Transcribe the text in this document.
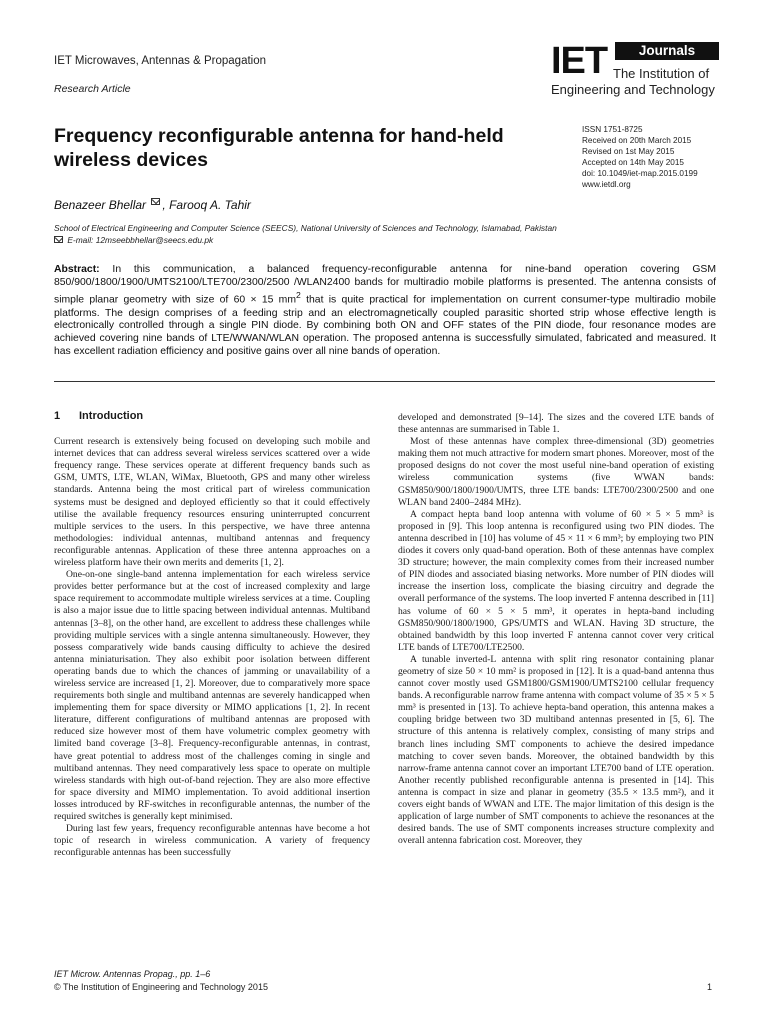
IET Microwaves, Antennas & Propagation
Research Article
IET	Journals
The Institution of
Engineering and Technology
Frequency reconfigurable antenna for hand-held wireless devices
ISSN 1751-8725
Received on 20th March 2015
Revised on 1st May 2015
Accepted on 14th May 2015
doi: 10.1049/iet-map.2015.0199
www.ietdl.org
Benazeer Bhellar , Farooq A. Tahir
School of Electrical Engineering and Computer Science (SEECS), National University of Sciences and Technology, Islamabad, Pakistan
E-mail: 12mseebbhellar@seecs.edu.pk
Abstract: In this communication, a balanced frequency-reconfigurable antenna for nine-band operation covering GSM 850/900/1800/1900/UMTS2100/LTE700/2300/2500 /WLAN2400 bands for multiradio mobile platforms is presented. The antenna consists of simple planar geometry with size of 60 × 15 $mm^2$ that is quite practical for implementation on current consumer-type multiradio mobile platforms. The design comprises of a feeding strip and an electromagnetically coupled parasitic shorted strip whose effective length is electronically controlled through a single PIN diode. By combining both ON and OFF states of the PIN diode, four resonance modes are achieved covering nine bands of LTE/WWAN/WLAN operation. The proposed antenna is successfully simulated, fabricated and measured. It has excellent radiation efficiency and positive gains over all nine bands of operation.
1 Introduction

Current research is extensively being focused on developing such mobile and internet devices that can address several wireless services scattered over a wide frequency range. These services operate at different frequency bands such as GSM, UMTS, LTE, WLAN, WiMax, Bluetooth, GPS and many other wireless standards. Antenna being the most critical part of wireless communication systems must be designed and deployed efficiently so that it could effectively utilise the available frequency resources ensuring uninterrupted concurrent multiple services to the users. In this perspective, we have three antenna methodologies: individual antennas, multiband antennas and frequency reconfigurable antennas. Application of these three antenna approaches on a wireless platform have their own merits and demerits [1, 2].

One-on-one single-band antenna implementation for each wireless service provides better performance but at the cost of increased complexity and large space requirement to accommodate multiple wireless services at a time. Coupling is also a major issue due to little spacing between individual antennas. Multiband antennas [3–8], on the other hand, are excellent to address these challenges while providing multiple services with a single antenna simultaneously. However, they possess comparatively wide bands causing difficulty to achieve the desired antenna miniaturisation. They also exhibit poor isolation between different operating bands due to which the chances of jamming or unavailability of a wireless service are increased [1, 2]. Moreover, due to comparatively more space requirements both single and multiband antennas are severely handicapped when implementing them for space diversity or MIMO applications [1, 2]. In recent literature, different configurations of multiband antennas are proposed with reduced size however most of them have volumetric complex geometry with limited band coverage [3–8]. Frequency-reconfigurable antennas, in contrast, have great potential to address most of the challenges coming in single and multiband antennas. They need comparatively less space to operate on multiple wireless standards with high out-of-band rejection. They are also more effective for space diversity and MIMO implementation. To avoid additional insertion losses introduced by RF-switches in reconfigurable antennas, the number of the required switches is generally kept minimised.

During last few years, frequency reconfigurable antennas have become a hot topic of research in wireless communication. A variety of frequency reconfigurable antennas has been successfully

developed and demonstrated [9–14]. The sizes and the covered LTE bands of these antennas are summarised in Table 1.

Most of these antennas have complex three-dimensional (3D) geometries making them not much attractive for modern smart phones. Moreover, most of the proposed designs do not cover the most useful nine-band operation of existing wireless communication systems (five WWAN bands: GSM850/900/1800/1900/UMTS, three LTE bands: LTE700/2300/2500 and one WLAN band 2400–2484 MHz).

A compact hepta band loop antenna with volume of 60 × 5 × 5 mm³ is proposed in [9]. This loop antenna is reconfigured using two PIN diodes. The antenna described in [10] has volume of 45 × 11 × 6 mm³; by employing two PIN diodes it covers only quad-band operation. Both of these antennas have complex 3D structure; however, the main complexity comes from their increased number of PIN diodes and associated biasing networks. More number of PIN diodes will increase the insertion loss, complicate the biasing circuitry and degrade the overall performance of the systems. The loop inverted F antenna described in [11] has volume of 60 × 5 × 5 mm³, it operates in hepta-band including GSM850/900/1800/1900, GPS/UMTS and WLAN. Having 3D structure, the obtained bandwidth by this loop inverted F antenna cannot cover very critical LTE bands of LTE700/LTE2500.

A tunable inverted-L antenna with split ring resonator containing planar geometry of size 50 × 10 mm² is proposed in [12]. It is a quad-band antenna thus cannot cover mostly used GSM1800/GSM1900/UMTS2100 cellular frequency bands. A reconfigurable narrow frame antenna with compact volume of 35 × 5 × 5 mm³ is presented in [13]. To achieve hepta-band operation, this antenna makes a coupling bridge between two 3D multiband antennas presented in [5, 6]. The structure of this antenna is relatively complex, consisting of many strips and branch lines including SMT components to achieve the desired impedance matching to cover seven bands. Moreover, the obtained bandwidth by this narrow-frame antenna cannot cover an important LTE700 band of LTE operation. Another recently published reconfigurable antenna is presented in [14]. This antenna is compact in size and planar in geometry (35.5 × 13.5 mm²), and it covers eight bands of WWAN and LTE. The major limitation of this design is the application of large number of SMT components to achieve the resonances at the desired bands. The use of SMT components increases structure complexity and overall antenna fabrication cost. Moreover, they

IET Microw. Antennas Propag., pp. 1–6
© The Institution of Engineering and Technology 2015	1
